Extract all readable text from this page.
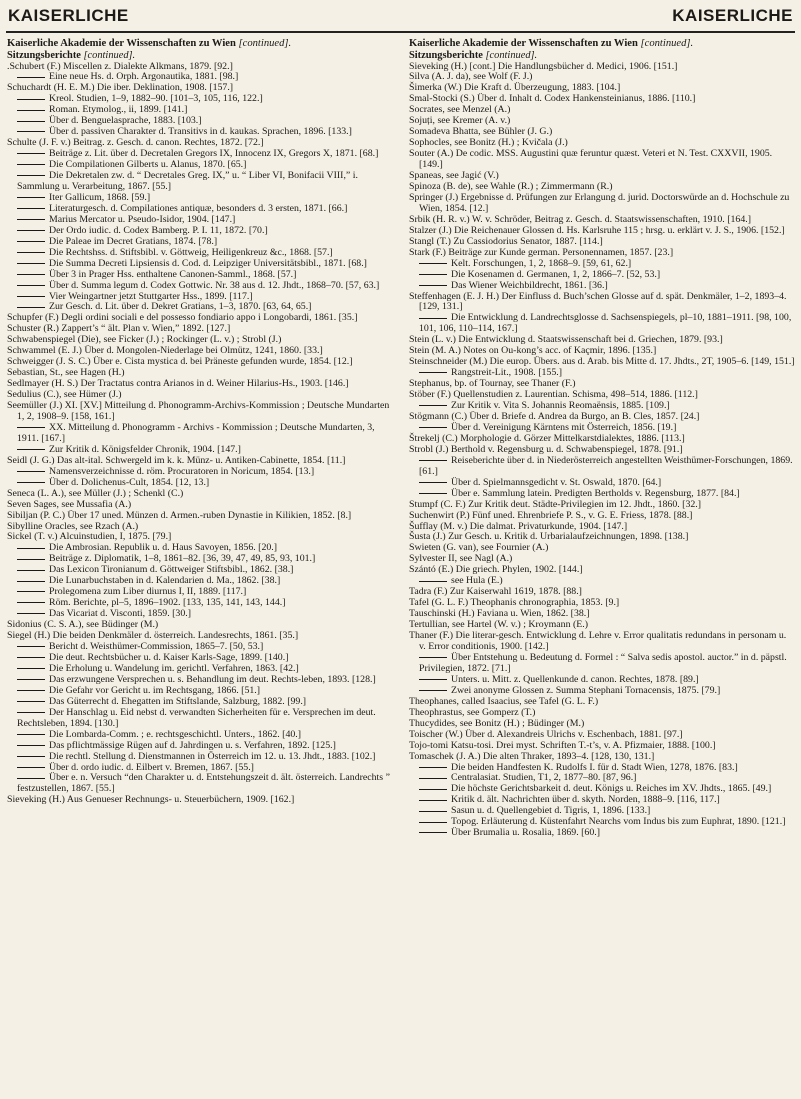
KAISERLICHE	KAISERLICHE
Kaiserliche Akademie der Wissenschaften zu Wien [continued].
Sitzungsberichte [continued].
.Schubert (F.) Miscellen z. Dialekte Alkmans, 1879. [92.]
Eine neue Hs. d. Orph. Argonautika, 1881. [98.]
Schuchardt (H. E. M.) Die iber. Deklination, 1908. [157.]
Kreol. Studien, 1–9, 1882–90. [101–3, 105, 116, 122.]
Roman. Etymolog., ii, 1899. [141.]
Über d. Benguelasprache, 1883. [103.]
Über d. passiven Charakter d. Transitivs in d. kaukas. Sprachen, 1896. [133.]
Schulte (J. F. v.) Beitrag. z. Gesch. d. canon. Rechtes, 1872. [72.]
Beiträge z. Lit. über d. Decretalen Gregors IX, Innocenz IX, Gregors X, 1871. [68.]
Die Compilationen Gilberts u. Alanus, 1870. [65.]
Die Dekretalen zw. d. “ Decretales Greg. IX,” u. “ Liber VI, Bonifacii VIII,” i. Sammlung u. Verarbeitung, 1867. [55.]
Iter Gallicum, 1868. [59.]
Literaturgesch. d. Compilationes antiquæ, besonders d. 3 ersten, 1871. [66.]
Marius Mercator u. Pseudo-Isidor, 1904. [147.]
Der Ordo iudic. d. Codex Bamberg. P. I. 11, 1872. [70.]
Die Paleae im Decret Gratians, 1874. [78.]
Die Rechtshss. d. Stiftsbibl. v. Göttweig, Heiligenkreuz &c., 1868. [57.]
Die Summa Decreti Lipsiensis d. Cod. d. Leipziger Universitätsbibl., 1871. [68.]
Über 3 in Prager Hss. enthaltene Canonen-Samml., 1868. [57.]
Über d. Summa legum d. Codex Gottwic. Nr. 38 aus d. 12. Jhdt., 1868–70. [57, 63.]
Vier Weingartner jetzt Stuttgarter Hss., 1899. [117.]
Zur Gesch. d. Lit. über d. Dekret Gratians, 1–3, 1870. [63, 64, 65.]
Schupfer (F.) Degli ordini sociali e del possesso fondiario appo i Longobardi, 1861. [35.]
Schuster (R.) Zappert’s “ ält. Plan v. Wien,” 1892. [127.]
Schwabenspiegel (Die), see Ficker (J.) ; Rockinger (L. v.) ; Strobl (J.)
Schwammel (E. J.) Über d. Mongolen-Niederlage bei Olmütz, 1241, 1860. [33.]
Schweigger (J. S. C.) Über e. Cista mystica d. bei Präneste gefunden wurde, 1854. [12.]
Sebastian, St., see Hagen (H.)
Sedlmayer (H. S.) Der Tractatus contra Arianos in d. Weiner Hilarius-Hs., 1903. [146.]
Sedulius (C.), see Hümer (J.)
Seemüller (J.) XI. [XV.] Mitteilung d. Phonogramm-Archivs-Kommission ; Deutsche Mundarten 1, 2, 1908–9. [158, 161.]
XX. Mitteilung d. Phonogramm - Archivs - Kommission ; Deutsche Mundarten, 3, 1911. [167.]
Zur Kritik d. Königsfelder Chronik, 1904. [147.]
Seidl (J. G.) Das alt-ital. Schwergeld im k. k. Münz- u. Antiken-Cabinette, 1854. [11.]
Namensverzeichnisse d. röm. Procuratoren in Noricum, 1854. [13.]
Über d. Dolichenus-Cult, 1854. [12, 13.]
Seneca (L. A.), see Müller (J.) ; Schenkl (C.)
Seven Sages, see Mussafia (A.)
Sibiljan (P. C.) Über 17 uned. Münzen d. Armen.-ruben Dynastie in Kilikien, 1852. [8.]
Sibylline Oracles, see Rzach (A.)
Sickel (T. v.) Alcuinstudien, I, 1875. [79.]
Die Ambrosian. Republik u. d. Haus Savoyen, 1856. [20.]
Beiträge z. Diplomatik, 1–8, 1861–82. [36, 39, 47, 49, 85, 93, 101.]
Das Lexicon Tironianum d. Göttweiger Stiftsbibl., 1862. [38.]
Die Lunarbuchstaben in d. Kalendarien d. Ma., 1862. [38.]
Prolegomena zum Liber diurnus I, II, 1889. [117.]
Röm. Berichte, pl–5, 1896–1902. [133, 135, 141, 143, 144.]
Das Vicariat d. Visconti, 1859. [30.]
Sidonius (C. S. A.), see Büdinger (M.)
Siegel (H.) Die beiden Denkmäler d. österreich. Landesrechts, 1861. [35.]
Bericht d. Weisthümer-Commission, 1865–7. [50, 53.]
Die deut. Rechtsbücher u. d. Kaiser Karls-Sage, 1899. [140.]
Die Erholung u. Wandelung im. gerichtl. Verfahren, 1863. [42.]
Das erzwungene Versprechen u. s. Behandlung im deut. Rechts-leben, 1893. [128.]
Die Gefahr vor Gericht u. im Rechtsgang, 1866. [51.]
Das Güterrecht d. Ehegatten im Stiftslande, Salzburg, 1882. [99.]
Der Hanschlag u. Eid nebst d. verwandten Sicherheiten für e. Versprechen im deut. Rechtsleben, 1894. [130.]
Die Lombarda-Comm. ; e. rechtsgeschichtl. Unters., 1862. [40.]
Das pflichtmässige Rügen auf d. Jahrdingen u. s. Verfahren, 1892. [125.]
Die rechtl. Stellung d. Dienstmannen in Österreich im 12. u. 13. Jhdt., 1883. [102.]
Über d. ordo iudic. d. Eilbert v. Bremen, 1867. [55.]
Über e. n. Versuch “den Charakter u. d. Entstehungszeit d. ält. österreich. Landrechts ” festzustellen, 1867. [55.]
Sieveking (H.) Aus Genueser Rechnungs- u. Steuerbüchern, 1909. [162.]
Kaiserliche Akademie der Wissenschaften zu Wien [continued].
Sitzungsberichte [continued].
Sieveking (H.) [cont.] Die Handlungsbücher d. Medici, 1906. [151.]
Silva (A. J. da), see Wolf (F. J.)
Šimerka (W.) Die Kraft d. Überzeugung, 1883. [104.]
Smal-Stocki (S.) Über d. Inhalt d. Codex Hankensteinianus, 1886. [110.]
Socrates, see Menzel (A.)
Sojuți, see Kremer (A. v.)
Somadeva Bhatta, see Bühler (J. G.)
Sophocles, see Bonitz (H.) ; Kvičala (J.)
Souter (A.) De codic. MSS. Augustini quæ feruntur quæst. Veteri et N. Test. CXXVII, 1905. [149.]
Spaneas, see Jagić (V.)
Spinoza (B. de), see Wahle (R.) ; Zimmermann (R.)
Springer (J.) Ergebnisse d. Prüfungen zur Erlangung d. jurid. Doctorswürde an d. Hochschule zu Wien, 1854. [12.]
Srbik (H. R. v.) W. v. Schröder, Beitrag z. Gesch. d. Staatswissenschaften, 1910. [164.]
Stalzer (J.) Die Reichenauer Glossen d. Hs. Karlsruhe 115 ; hrsg. u. erklärt v. J. S., 1906. [152.]
Stangl (T.) Zu Cassiodorius Senator, 1887. [114.]
Stark (F.) Beiträge zur Kunde german. Personennamen, 1857. [23.]
Kelt. Forschungen, 1, 2, 1868–9. [59, 61, 62.]
Die Kosenamen d. Germanen, 1, 2, 1866–7. [52, 53.]
Das Wiener Weichbildrecht, 1861. [36.]
Steffenhagen (E. J. H.) Der Einfluss d. Buch’schen Glosse auf d. spät. Denkmäler, 1–2, 1893–4. [129, 131.]
Die Entwicklung d. Landrechtsglosse d. Sachsenspiegels, pl–10, 1881–1911. [98, 100, 101, 106, 110–114, 167.]
Stein (L. v.) Die Entwicklung d. Staatswissenschaft bei d. Griechen, 1879. [93.]
Stein (M. A.) Notes on Ou-kong’s acc. of Kaçmir, 1896. [135.]
Steinschneider (M.) Die europ. Übers. aus d. Arab. bis Mitte d. 17. Jhdts., 2T, 1905–6. [149, 151.]
Rangstreit-Lit., 1908. [155.]
Stephanus, bp. of Tournay, see Thaner (F.)
Stöber (F.) Quellenstudien z. Laurentian. Schisma, 498–514, 1886. [112.]
Zur Kritik v. Vita S. Johannis Reomaënsis, 1885. [109.]
Stögmann (C.) Über d. Briefe d. Andrea da Burgo, an B. Cles, 1857. [24.]
Über d. Vereinigung Kärntens mit Österreich, 1856. [19.]
Štrekelj (C.) Morphologie d. Görzer Mittelkarstdialektes, 1886. [113.]
Strobl (J.) Berthold v. Regensburg u. d. Schwabenspiegel, 1878. [91.]
Reiseberichte über d. in Niederösterreich angestellten Weisthümer-Forschungen, 1869. [61.]
Über d. Spielmannsgedicht v. St. Oswald, 1870. [64.]
Über e. Sammlung latein. Predigten Bertholds v. Regensburg, 1877. [84.]
Stumpf (C. F.) Zur Kritik deut. Städte-Privilegien im 12. Jhdt., 1860. [32.]
Suchenwirt (P.) Fünf uned. Ehrenbriefe P. S., v. G. E. Friess, 1878. [88.]
Šufflay (M. v.) Die dalmat. Privaturkunde, 1904. [147.]
Šusta (J.) Zur Gesch. u. Kritik d. Urbarialaufzeichnungen, 1898. [138.]
Swieten (G. van), see Fournier (A.)
Sylvester II, see Nagl (A.)
Szántó (E.) Die griech. Phylen, 1902. [144.]
see Hula (E.)
Tadra (F.) Zur Kaiserwahl 1619, 1878. [88.]
Tafel (G. L. F.) Theophanis chronographia, 1853. [9.]
Tauschinski (H.) Faviana u. Wien, 1862. [38.]
Tertullian, see Hartel (W. v.) ; Kroymann (E.)
Thaner (F.) Die literar-gesch. Entwicklung d. Lehre v. Error qualitatis redundans in personam u. v. Error conditionis, 1900. [142.]
Über Entstehung u. Bedeutung d. Formel : “ Salva sedis apostol. auctor.” in d. päpstl. Privilegien, 1872. [71.]
Unters. u. Mitt. z. Quellenkunde d. canon. Rechtes, 1878. [89.]
Zwei anonyme Glossen z. Summa Stephani Tornacensis, 1875. [79.]
Theophanes, called Isaacius, see Tafel (G. L. F.)
Theophrastus, see Gomperz (T.)
Thucydides, see Bonitz (H.) ; Büdinger (M.)
Toischer (W.) Über d. Alexandreis Ulrichs v. Eschenbach, 1881. [97.]
Tojo-tomi Katsu-tosi. Drei myst. Schriften T.-t’s, v. A. Pfizmaier, 1888. [100.]
Tomaschek (J. A.) Die alten Thraker, 1893–4. [128, 130, 131.]
Die beiden Handfesten K. Rudolfs I. für d. Stadt Wien, 1278, 1876. [83.]
Centralasiat. Studien, T1, 2, 1877–80. [87, 96.]
Die höchste Gerichtsbarkeit d. deut. Königs u. Reiches im XV. Jhdts., 1865. [49.]
Kritik d. ält. Nachrichten über d. skyth. Norden, 1888–9. [116, 117.]
Sasun u. d. Quellengebiet d. Tigris, 1, 1896. [133.]
Topog. Erläuterung d. Küstenfahrt Nearchs vom Indus bis zum Euphrat, 1890. [121.]
Über Brumalia u. Rosalia, 1869. [60.]
